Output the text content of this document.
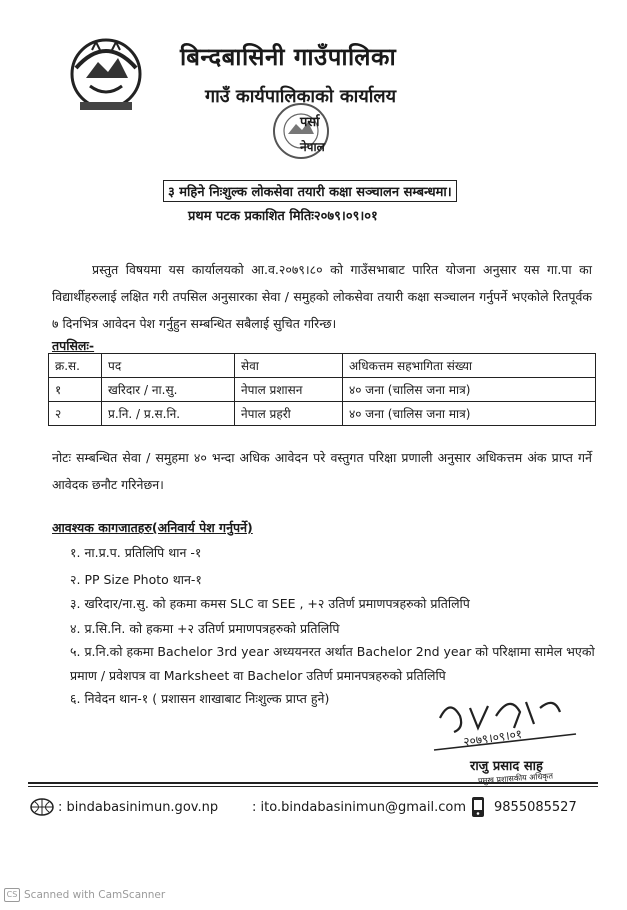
बिन्दबासिनी गाउँपालिका
गाउँ कार्यपालिकाको कार्यालय
पर्सा
नेपाल
३ महिने निःशुल्क लोकसेवा तयारी कक्षा सञ्चालन सम्बन्धमा।
प्रथम पटक प्रकाशित मितिः२०७९।०९।०१
प्रस्तुत विषयमा यस कार्यालयको आ.व.२०७९।८० को गाउँसभाबाट पारित योजना अनुसार यस गा.पा का विद्यार्थीहरुलाई लक्षित गरी तपसिल अनुसारका सेवा / समुहको लोकसेवा तयारी कक्षा सञ्चालन गर्नुपर्ने भएकोले रितपूर्वक ७ दिनभित्र आवेदन पेश गर्नुहुन सम्बन्धित सबैलाई सुचित गरिन्छ।
तपसिलः-
क्र.स.	पद	सेवा	अधिकत्तम सहभागिता संख्या
१	खरिदार / ना.सु.	नेपाल प्रशासन	४० जना (चालिस जना मात्र)
२	प्र.नि. / प्र.स.नि.	नेपाल प्रहरी	४० जना (चालिस जना मात्र)
नोटः सम्बन्धित सेवा / समुहमा ४० भन्दा अधिक आवेदन परे वस्तुगत परिक्षा प्रणाली अनुसार अधिकत्तम अंक प्राप्त गर्ने आवेदक छनौट गरिनेछन।
आवश्यक कागजातहरु(अनिवार्य पेश गर्नुपर्ने)
१. ना.प्र.प. प्रतिलिपि थान -१
२. PP Size Photo थान-१
३. खरिदार/ना.सु. को हकमा कमस SLC वा SEE , +२ उतिर्ण प्रमाणपत्रहरुको प्रतिलिपि
४. प्र.सि.नि. को हकमा +२ उतिर्ण प्रमाणपत्रहरुको प्रतिलिपि
५. प्र.नि.को हकमा Bachelor 3rd year अध्ययनरत अर्थात Bachelor 2nd year को परिक्षामा सामेल भएको प्रमाण / प्रवेशपत्र वा Marksheet वा Bachelor उतिर्ण प्रमानपत्रहरुको प्रतिलिपि
६. निवेदन थान-१ ( प्रशासन शाखाबाट निःशुल्क प्राप्त हुने)
२०७९।०९।०१
राजु प्रसाद साह
प्रमुख प्रशासकीय अधिकृत
: bindabasinimun.gov.np	: ito.bindabasinimun@gmail.com 9855085527
CS Scanned with CamScanner
